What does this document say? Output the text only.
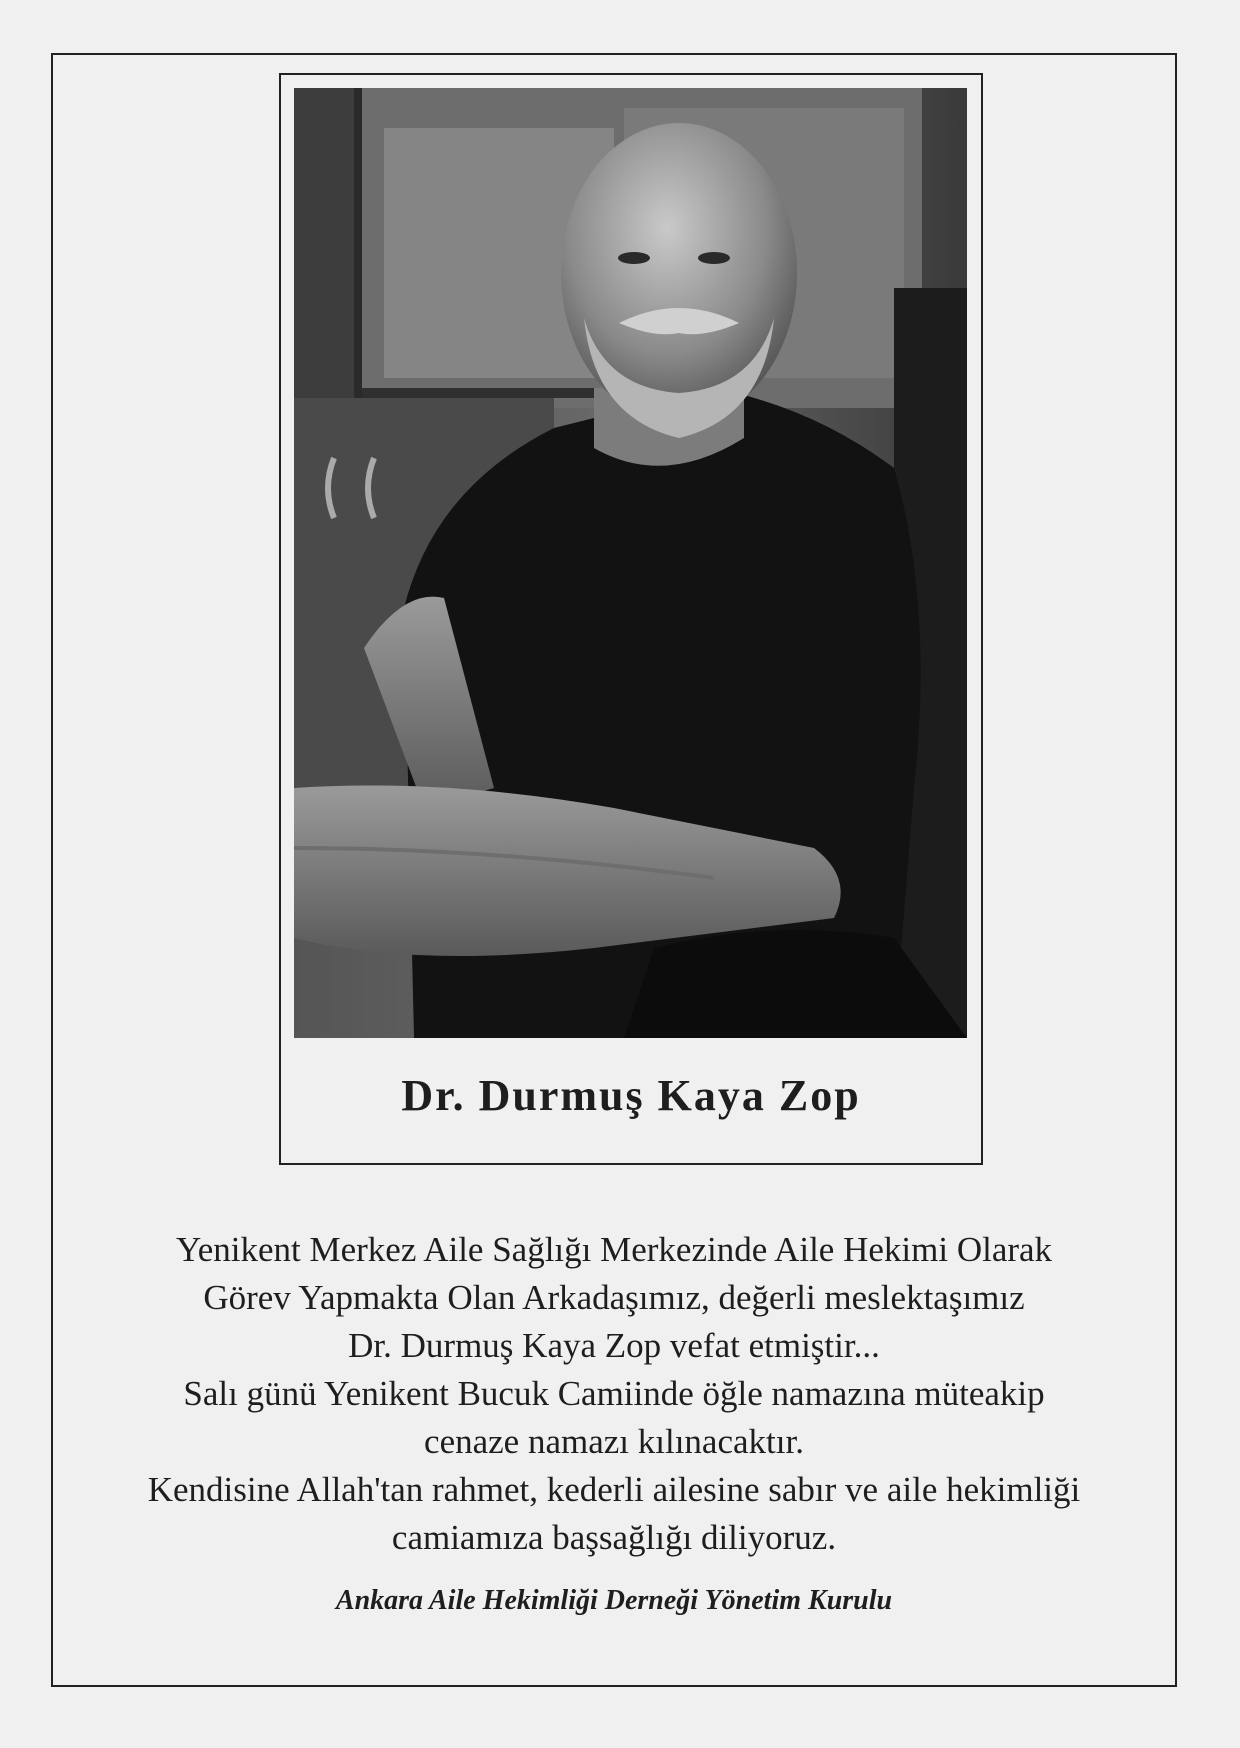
Dr. Durmuş Kaya Zop
Yenikent Merkez Aile Sağlığı Merkezinde Aile Hekimi Olarak
Görev Yapmakta Olan Arkadaşımız, değerli meslektaşımız
Dr. Durmuş Kaya Zop vefat etmiştir...
Salı günü Yenikent Bucuk Camiinde öğle namazına müteakip
cenaze namazı kılınacaktır.
Kendisine Allah'tan rahmet, kederli ailesine sabır ve aile hekimliği
camiamıza başsağlığı diliyoruz.
Ankara Aile Hekimliği Derneği Yönetim Kurulu
